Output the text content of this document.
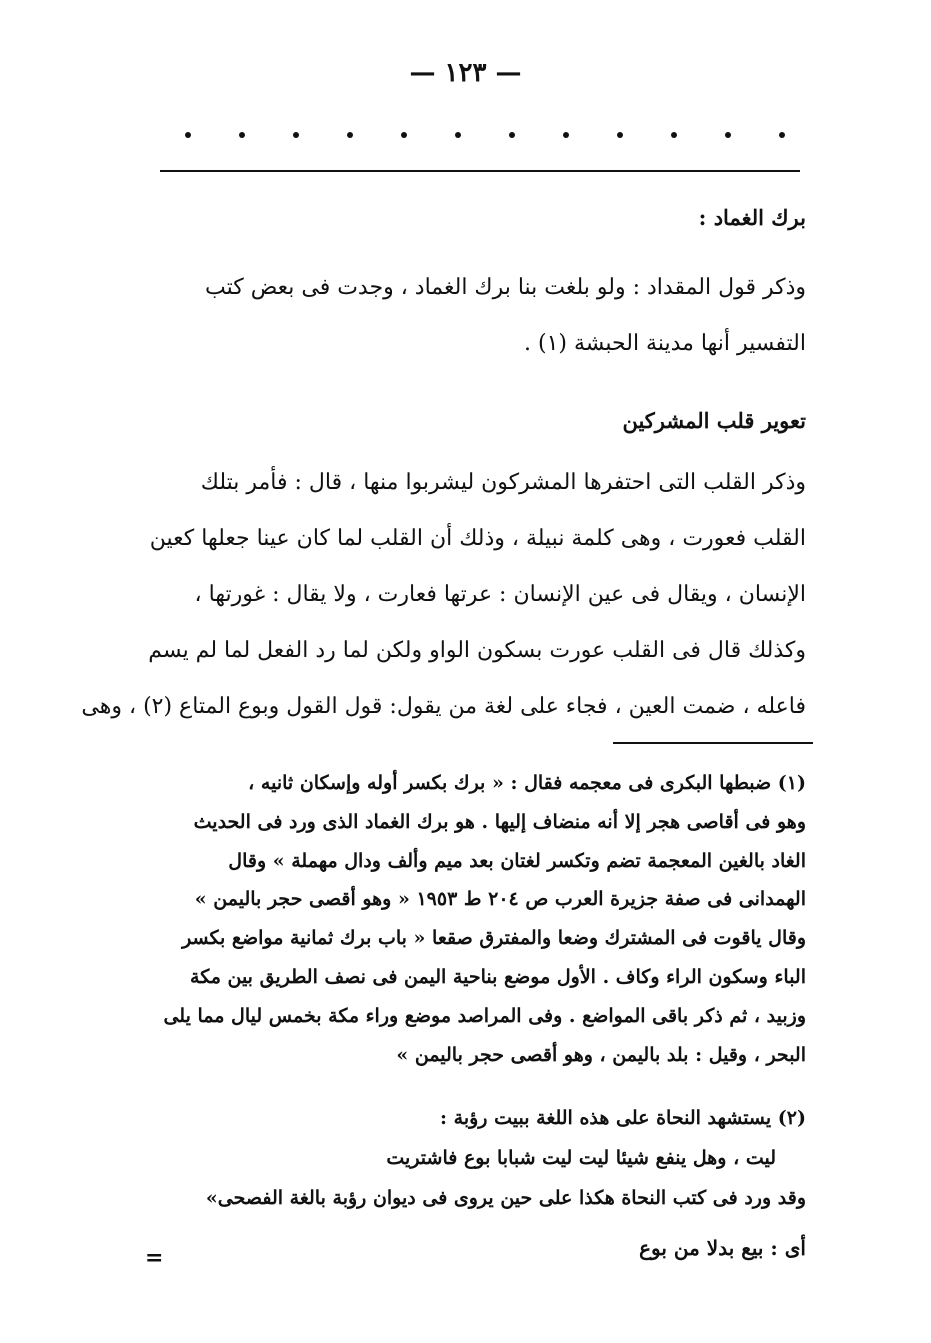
— ١٢٣ —
برك الغماد :
وذكر قول المقداد : ولو بلغت بنا برك الغماد ، وجدت فى بعض كتب
التفسير أنها مدينة الحبشة (١) .
تعوير قلب المشركين
وذكر القلب التى احتفرها المشركون ليشربوا منها ، قال : فأمر بتلك
القلب فعورت ، وهى كلمة نبيلة ، وذلك أن القلب لما كان عينا جعلها كعين
الإنسان ، ويقال فى عين الإنسان : عرتها فعارت ، ولا يقال : غورتها ،
وكذلك قال فى القلب عورت بسكون الواو ولكن لما رد الفعل لما لم يسم
فاعله ، ضمت العين ، فجاء على لغة من يقول: قول القول وبوع المتاع (٢) ، وهى
(١) ضبطها البكرى فى معجمه فقال : « برك بكسر أوله وإسكان ثانيه ،
وهو فى أقاصى هجر إلا أنه منضاف إليها . هو برك الغماد الذى ورد فى الحديث
الغاد بالغين المعجمة تضم وتكسر لغتان بعد ميم وألف ودال مهملة » وقال
الهمدانى فى صفة جزيرة العرب ص ٢٠٤ ط ١٩٥٣ « وهو أقصى حجر باليمن »
وقال ياقوت فى المشترك وضعا والمفترق صقعا « باب برك ثمانية مواضع بكسر
الباء وسكون الراء وكاف . الأول موضع بناحية اليمن فى نصف الطريق بين مكة
وزبيد ، ثم ذكر باقى المواضع . وفى المراصد موضع وراء مكة بخمس ليال مما يلى
البحر ، وقيل : بلد باليمن ، وهو أقصى حجر باليمن »
(٢) يستشهد النحاة على هذه اللغة ببيت رؤبة :
ليت ، وهل ينفع شيئا ليت ليت شبابا بوع فاشتريت
وقد ورد فى كتب النحاة هكذا على حين يروى فى ديوان رؤبة بالغة الفصحى»
أى : بيع بدلا من بوع
=
